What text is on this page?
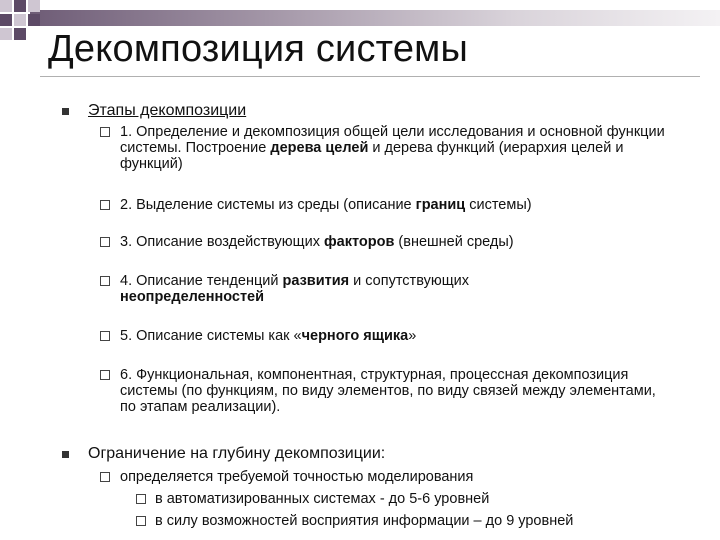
Декомпозиция системы
Этапы декомпозиции
1. Определение и декомпозиция общей цели исследования и основной функции системы. Построение дерева целей и дерева функций (иерархия целей и функций)
2. Выделение системы из среды (описание границ системы)
3. Описание воздействующих факторов (внешней среды)
4. Описание тенденций развития и сопутствующих неопределенностей
5. Описание системы как «черного ящика»
6. Функциональная, компонентная, структурная, процессная декомпозиция системы (по функциям, по виду элементов, по виду связей между элементами, по этапам реализации).
Ограничение на глубину декомпозиции:
определяется требуемой точностью моделирования
в автоматизированных системах - до 5-6 уровней
в силу возможностей восприятия информации – до 9 уровней
